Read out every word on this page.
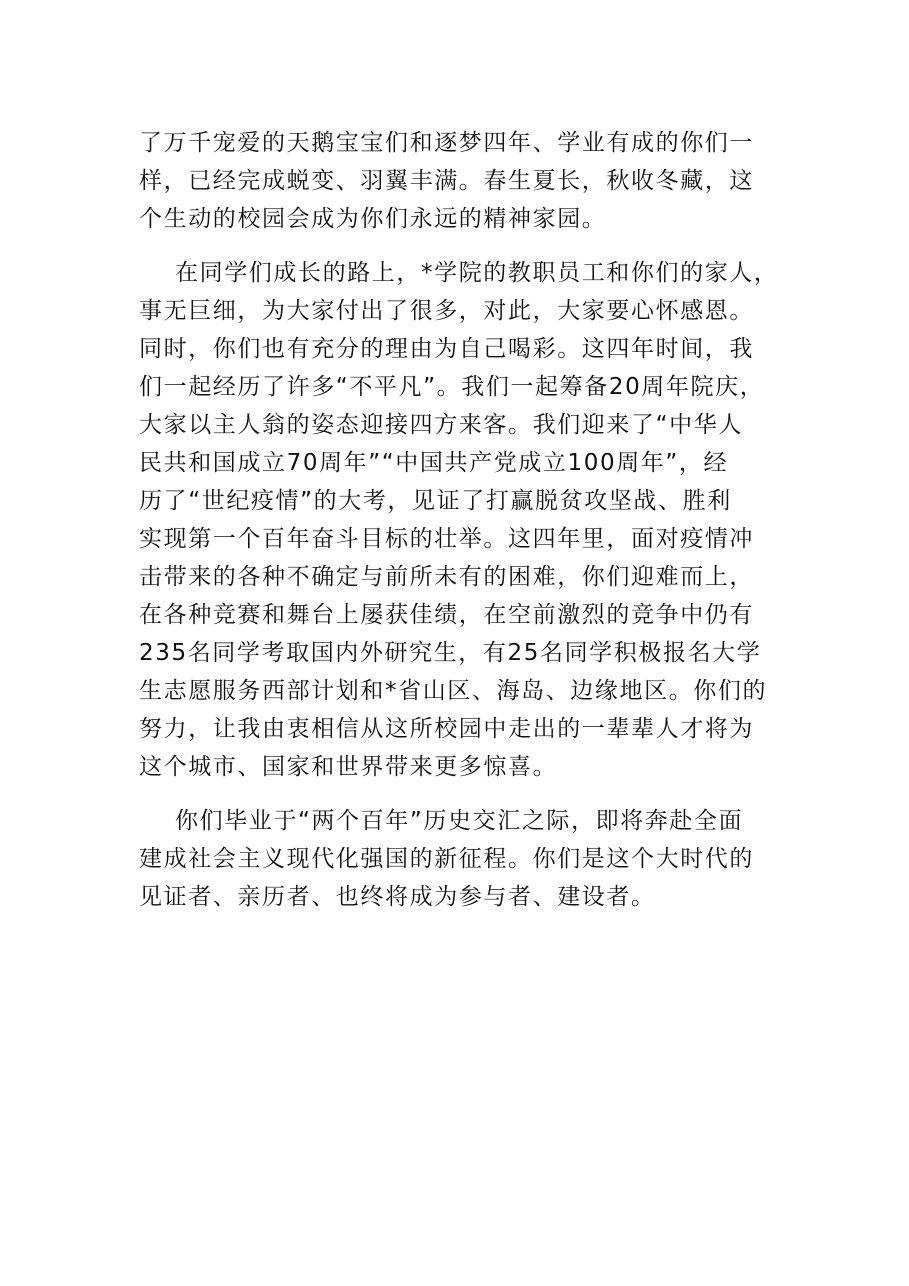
了万千宠爱的天鹅宝宝们和逐梦四年、学业有成的你们一
样，已经完成蜕变、羽翼丰满。春生夏长，秋收冬藏，这
个生动的校园会成为你们永远的精神家园。
在同学们成长的路上，*学院的教职员工和你们的家人，
事无巨细，为大家付出了很多，对此，大家要心怀感恩。
同时，你们也有充分的理由为自己喝彩。这四年时间，我
们一起经历了许多“不平凡”。我们一起筹备20周年院庆，
大家以主人翁的姿态迎接四方来客。我们迎来了“中华人
民共和国成立70周年”“中国共产党成立100周年”，经
历了“世纪疫情”的大考，见证了打赢脱贫攻坚战、胜利
实现第一个百年奋斗目标的壮举。这四年里，面对疫情冲
击带来的各种不确定与前所未有的困难，你们迎难而上，
在各种竞赛和舞台上屡获佳绩，在空前激烈的竞争中仍有
235名同学考取国内外研究生，有25名同学积极报名大学
生志愿服务西部计划和*省山区、海岛、边缘地区。你们的
努力，让我由衷相信从这所校园中走出的一辈辈人才将为
这个城市、国家和世界带来更多惊喜。
你们毕业于“两个百年”历史交汇之际，即将奔赴全面
建成社会主义现代化强国的新征程。你们是这个大时代的
见证者、亲历者、也终将成为参与者、建设者。
